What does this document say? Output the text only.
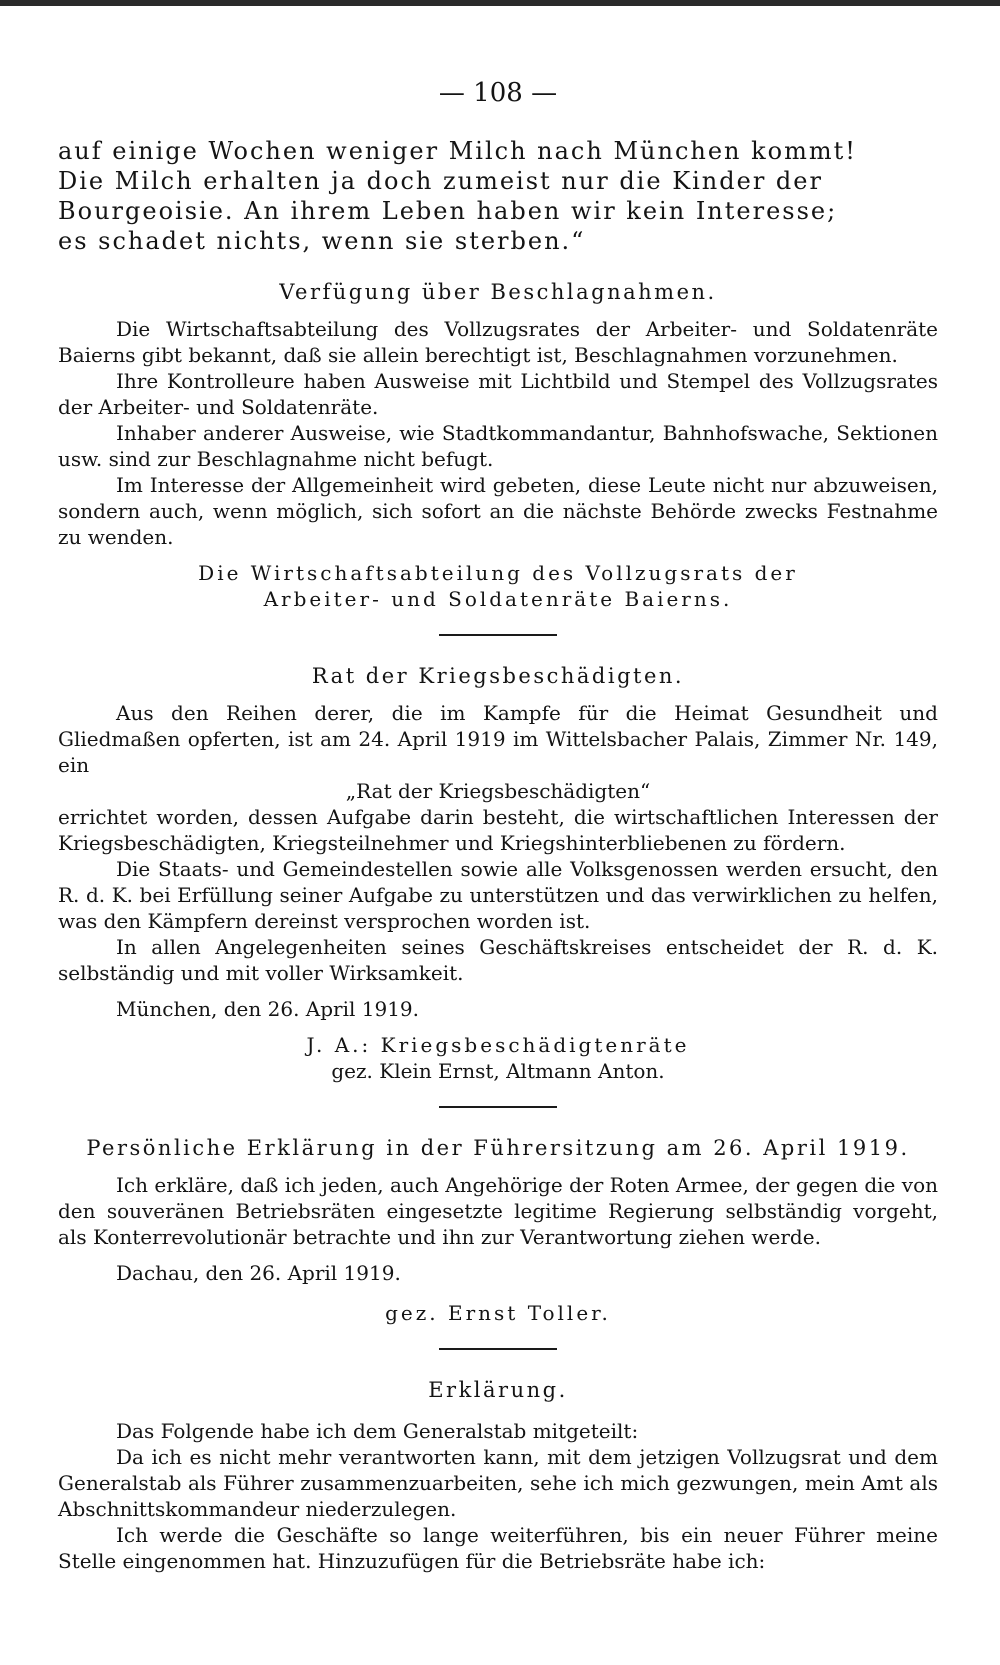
— 108 —
auf einige Wochen weniger Milch nach München kommt!
Die Milch erhalten ja doch zumeist nur die Kinder der
Bourgeoisie. An ihrem Leben haben wir kein Interesse;
es schadet nichts, wenn sie sterben.“
Verfügung über Beschlagnahmen.

Die Wirtschaftsabteilung des Vollzugsrates der Arbeiter- und Soldatenräte Baierns gibt bekannt, daß sie allein berechtigt ist, Beschlagnahmen vorzunehmen.

Ihre Kontrolleure haben Ausweise mit Lichtbild und Stempel des Vollzugsrates der Arbeiter- und Soldatenräte.

Inhaber anderer Ausweise, wie Stadtkommandantur, Bahnhofswache, Sektionen usw. sind zur Beschlagnahme nicht befugt.

Im Interesse der Allgemeinheit wird gebeten, diese Leute nicht nur abzuweisen, sondern auch, wenn möglich, sich sofort an die nächste Behörde zwecks Festnahme zu wenden.

Die Wirtschaftsabteilung des Vollzugsrats der

Arbeiter- und Soldatenräte Baierns.

Rat der Kriegsbeschädigten.

Aus den Reihen derer, die im Kampfe für die Heimat Gesundheit und Gliedmaßen opferten, ist am 24. April 1919 im Wittelsbacher Palais, Zimmer Nr. 149, ein

„Rat der Kriegsbeschädigten“

errichtet worden, dessen Aufgabe darin besteht, die wirtschaftlichen Interessen der Kriegsbeschädigten, Kriegsteilnehmer und Kriegshinterbliebenen zu fördern.

Die Staats- und Gemeindestellen sowie alle Volksgenossen werden ersucht, den R. d. K. bei Erfüllung seiner Aufgabe zu unterstützen und das verwirklichen zu helfen, was den Kämpfern dereinst versprochen worden ist.

In allen Angelegenheiten seines Geschäftskreises entscheidet der R. d. K. selbständig und mit voller Wirksamkeit.

München, den 26. April 1919.

J. A.: Kriegsbeschädigtenräte

gez. Klein Ernst, Altmann Anton.

Persönliche Erklärung in der Führersitzung am 26. April 1919.

Ich erkläre, daß ich jeden, auch Angehörige der Roten Armee, der gegen die von den souveränen Betriebsräten eingesetzte legitime Regierung selbständig vorgeht, als Konterrevolutionär betrachte und ihn zur Verantwortung ziehen werde.

Dachau, den 26. April 1919.

gez. Ernst Toller.

Erklärung.

Das Folgende habe ich dem Generalstab mitgeteilt:

Da ich es nicht mehr verantworten kann, mit dem jetzigen Vollzugsrat und dem Generalstab als Führer zusammenzuarbeiten, sehe ich mich gezwungen, mein Amt als Abschnittskommandeur niederzulegen.

Ich werde die Geschäfte so lange weiterführen, bis ein neuer Führer meine Stelle eingenommen hat. Hinzuzufügen für die Betriebsräte habe ich:
